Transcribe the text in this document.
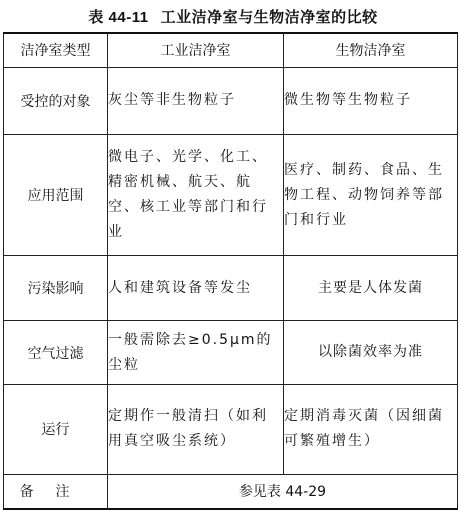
表 44-11 工业洁净室与生物洁净室的比较
洁净室类型	工业洁净室	生物洁净室
受控的对象	灰尘等非生物粒子	微生物等生物粒子
应用范围	微电子、光学、化工、精密机械、航天、航空、核工业等部门和行业	医疗、制药、食品、生物工程、动物饲养等部门和行业
污染影响	人和建筑设备等发尘	主要是人体发菌
空气过滤	一般需除去≥0.5μm的尘粒	以除菌效率为准
运行	定期作一般清扫（如利用真空吸尘系统）	定期消毒灭菌（因细菌可繁殖增生）
备注	参见表 44-29	
